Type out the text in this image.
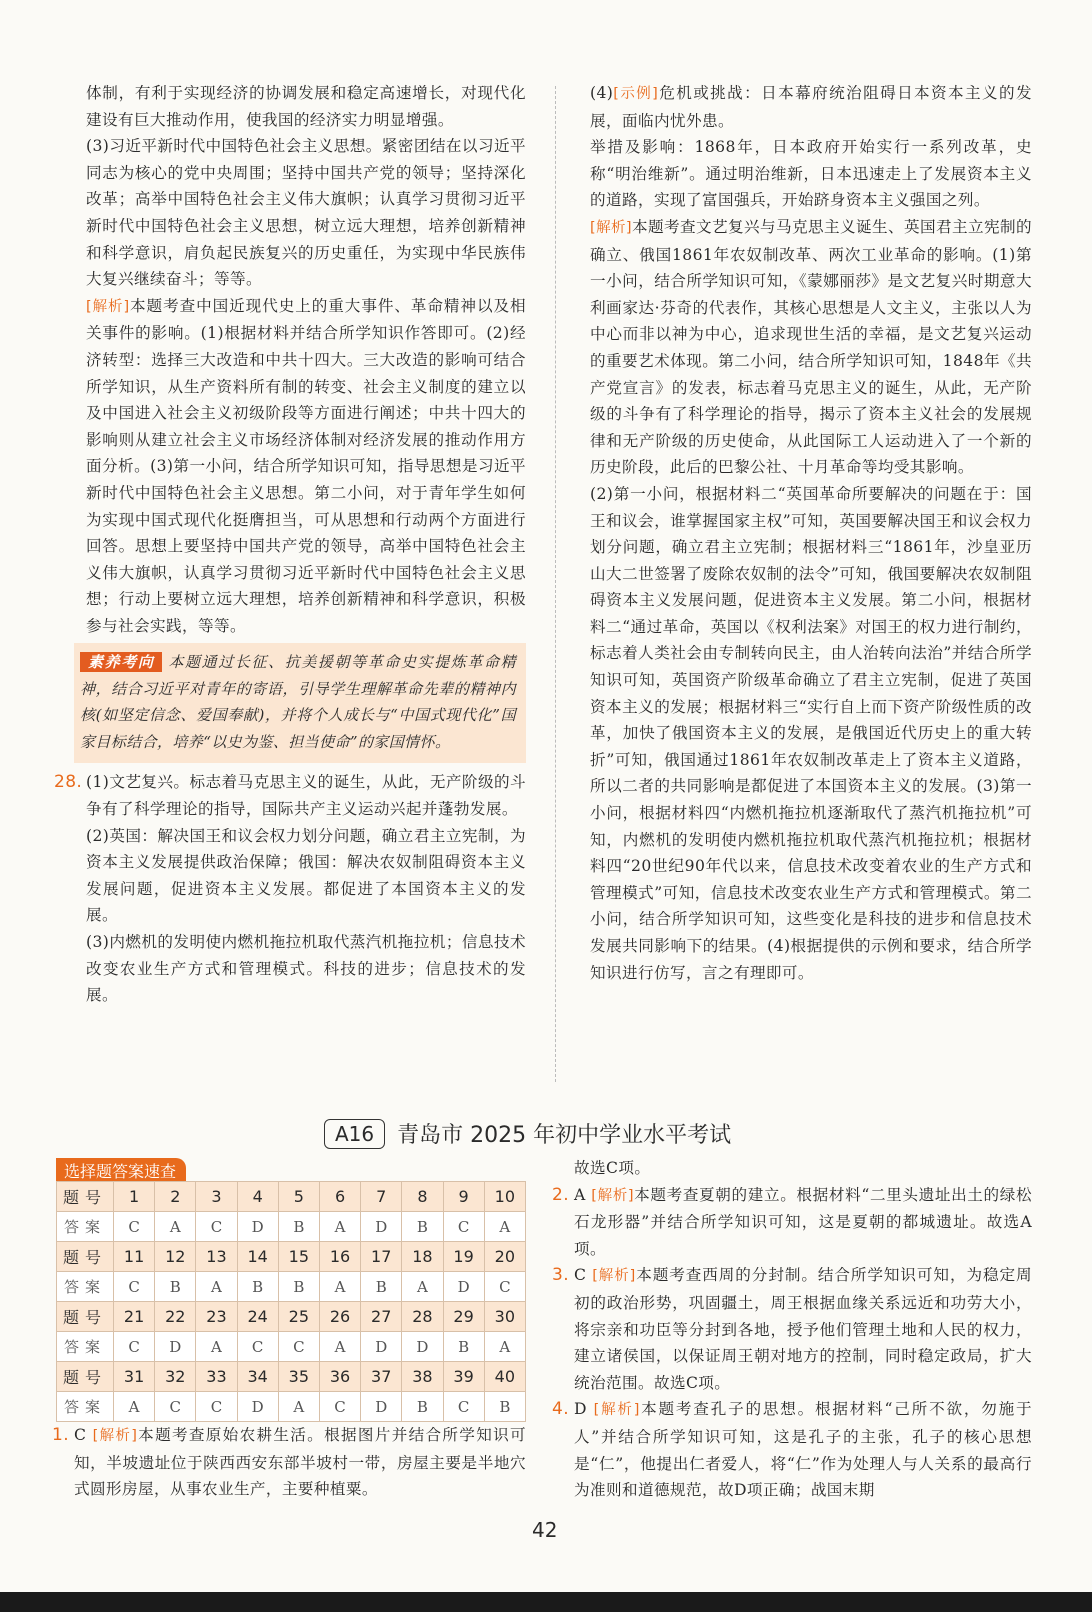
体制，有利于实现经济的协调发展和稳定高速增长，对现代化建设有巨大推动作用，使我国的经济实力明显增强。

(3)习近平新时代中国特色社会主义思想。紧密团结在以习近平同志为核心的党中央周围；坚持中国共产党的领导；坚持深化改革；高举中国特色社会主义伟大旗帜；认真学习贯彻习近平新时代中国特色社会主义思想，树立远大理想，培养创新精神和科学意识，肩负起民族复兴的历史重任，为实现中华民族伟大复兴继续奋斗；等等。

[ 解析 ] 本题考查中国近现代史上的重大事件、革命精神以及相关事件的影响。(1)根据材料并结合所学知识作答即可。(2)经济转型：选择三大改造和中共十四大。三大改造的影响可结合所学知识，从生产资料所有制的转变、社会主义制度的建立以及中国进入社会主义初级阶段等方面进行阐述；中共十四大的影响则从建立社会主义市场经济体制对经济发展的推动作用方面分析。(3)第一小问，结合所学知识可知，指导思想是习近平新时代中国特色社会主义思想。第二小问，对于青年学生如何为实现中国式现代化挺膺担当，可从思想和行动两个方面进行回答。思想上要坚持中国共产党的领导，高举中国特色社会主义伟大旗帜，认真学习贯彻习近平新时代中国特色社会主义思想；行动上要树立远大理想，培养创新精神和科学意识，积极参与社会实践，等等。

素养考向 本题通过长征、抗美援朝等革命史实提炼革命精神，结合习近平对青年的寄语，引导学生理解革命先辈的精神内核(如坚定信念、爱国奉献)，并将个人成长与“中国式现代化”国家目标结合，培养“以史为鉴、担当使命”的家国情怀。

28. (1)文艺复兴。标志着马克思主义的诞生，从此，无产阶级的斗争有了科学理论的指导，国际共产主义运动兴起并蓬勃发展。

(2)英国：解决国王和议会权力划分问题，确立君主立宪制，为资本主义发展提供政治保障；俄国：解决农奴制阻碍资本主义发展问题，促进资本主义发展。都促进了本国资本主义的发展。

(3)内燃机的发明使内燃机拖拉机取代蒸汽机拖拉机；信息技术改变农业生产方式和管理模式。科技的进步；信息技术的发展。

(4) [ 示例 ] 危机或挑战：日本幕府统治阻碍日本资本主义的发展，面临内忧外患。

举措及影响：1868年，日本政府开始实行一系列改革，史称“明治维新”。通过明治维新，日本迅速走上了发展资本主义的道路，实现了富国强兵，开始跻身资本主义强国之列。

[ 解析 ] 本题考查文艺复兴与马克思主义诞生、英国君主立宪制的确立、俄国1861年农奴制改革、两次工业革命的影响。(1)第一小问，结合所学知识可知，《蒙娜丽莎》是文艺复兴时期意大利画家达·芬奇的代表作，其核心思想是人文主义，主张以人为中心而非以神为中心，追求现世生活的幸福，是文艺复兴运动的重要艺术体现。第二小问，结合所学知识可知，1848年《共产党宣言》的发表，标志着马克思主义的诞生，从此，无产阶级的斗争有了科学理论的指导，揭示了资本主义社会的发展规律和无产阶级的历史使命，从此国际工人运动进入了一个新的历史阶段，此后的巴黎公社、十月革命等均受其影响。

(2)第一小问，根据材料二“英国革命所要解决的问题在于：国王和议会，谁掌握国家主权”可知，英国要解决国王和议会权力划分问题，确立君主立宪制；根据材料三“1861年，沙皇亚历山大二世签署了废除农奴制的法令”可知，俄国要解决农奴制阻碍资本主义发展问题，促进资本主义发展。第二小问，根据材料二“通过革命，英国以《权利法案》对国王的权力进行制约，标志着人类社会由专制转向民主，由人治转向法治”并结合所学知识可知，英国资产阶级革命确立了君主立宪制，促进了英国资本主义的发展；根据材料三“实行自上而下资产阶级性质的改革，加快了俄国资本主义的发展，是俄国近代历史上的重大转折”可知，俄国通过1861年农奴制改革走上了资本主义道路，所以二者的共同影响是都促进了本国资本主义的发展。(3)第一小问，根据材料四“内燃机拖拉机逐渐取代了蒸汽机拖拉机”可知，内燃机的发明使内燃机拖拉机取代蒸汽机拖拉机；根据材料四“20世纪90年代以来，信息技术改变着农业的生产方式和管理模式”可知，信息技术改变农业生产方式和管理模式。第二小问，结合所学知识可知，这些变化是科技的进步和信息技术发展共同影响下的结果。(4)根据提供的示例和要求，结合所学知识进行仿写，言之有理即可。

A16	青岛市 2025 年初中学业水平考试
选择题答案速查
题号	1	2	3	4	5	6	7	8	9	10
答案	C	A	C	D	B	A	D	B	C	A
题号	11	12	13	14	15	16	17	18	19	20
答案	C	B	A	B	B	A	B	A	D	C
题号	21	22	23	24	25	26	27	28	29	30
答案	C	D	A	C	C	A	D	D	B	A
题号	31	32	33	34	35	36	37	38	39	40
答案	A	C	C	D	A	C	D	B	C	B

1. C [ 解析 ] 本题考查原始农耕生活。根据图片并结合所学知识可知，半坡遗址位于陕西西安东部半坡村一带，房屋主要是半地穴式圆形房屋，从事农业生产，主要种植粟。

故选C项。

2. A [ 解析 ] 本题考查夏朝的建立。根据材料“二里头遗址出土的绿松石龙形器”并结合所学知识可知，这是夏朝的都城遗址。故选A项。

3. C [ 解析 ] 本题考查西周的分封制。结合所学知识可知，为稳定周初的政治形势，巩固疆土，周王根据血缘关系远近和功劳大小，将宗亲和功臣等分封到各地，授予他们管理土地和人民的权力，建立诸侯国，以保证周王朝对地方的控制，同时稳定政局，扩大统治范围。故选C项。

4. D [ 解析 ] 本题考查孔子的思想。根据材料“己所不欲，勿施于人”并结合所学知识可知，这是孔子的主张，孔子的核心思想是“仁”，他提出仁者爱人，将“仁”作为处理人与人关系的最高行为准则和道德规范，故D项正确；战国末期

42
